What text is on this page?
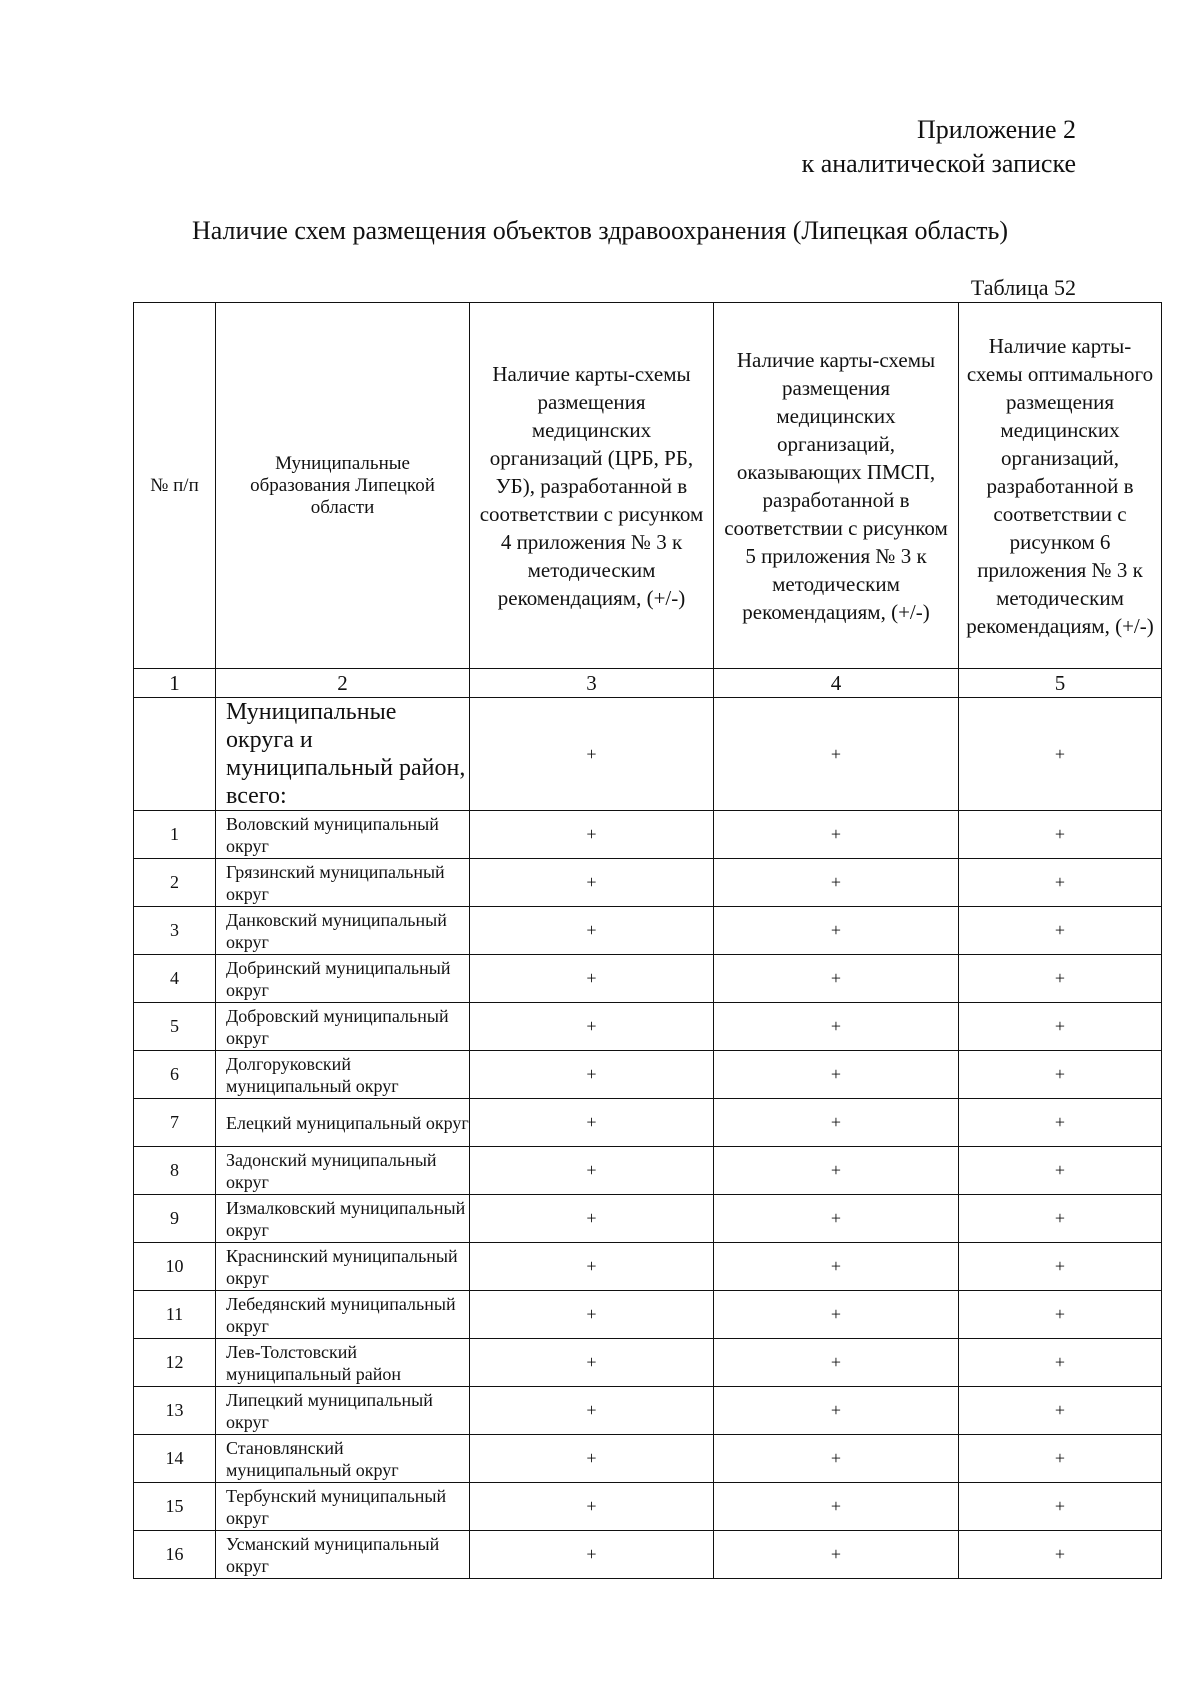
Приложение 2
к аналитической записке
Наличие схем размещения объектов здравоохранения (Липецкая область)
Таблица 52
№ п/п	Муниципальные образования Липецкой области	Наличие карты-схемы размещения медицинских организаций (ЦРБ, РБ, УБ), разработанной в соответствии с рисунком 4 приложения № 3 к методическим рекомендациям, (+/-)	Наличие карты-схемы размещения медицинских организаций, оказывающих ПМСП, разработанной в соответствии с рисунком 5 приложения № 3 к методическим рекомендациям, (+/-)	Наличие карты-схемы оптимального размещения медицинских организаций, разработанной в соответствии с рисунком 6 приложения № 3 к методическим рекомендациям, (+/-)
1	2	3	4	5
	Муниципальные округа и муниципальный район, всего:	+	+	+
1	Воловский муниципальный округ	+	+	+
2	Грязинский муниципальный округ	+	+	+
3	Данковский муниципальный округ	+	+	+
4	Добринский муниципальный округ	+	+	+
5	Добровский муниципальный округ	+	+	+
6	Долгоруковский муниципальный округ	+	+	+
7	Елецкий муниципальный округ	+	+	+
8	Задонский муниципальный округ	+	+	+
9	Измалковский муниципальный округ	+	+	+
10	Краснинский муниципальный округ	+	+	+
11	Лебедянский муниципальный округ	+	+	+
12	Лев-Толстовский муниципальный район	+	+	+
13	Липецкий муниципальный округ	+	+	+
14	Становлянский муниципальный округ	+	+	+
15	Тербунский муниципальный округ	+	+	+
16	Усманский муниципальный округ	+	+	+
